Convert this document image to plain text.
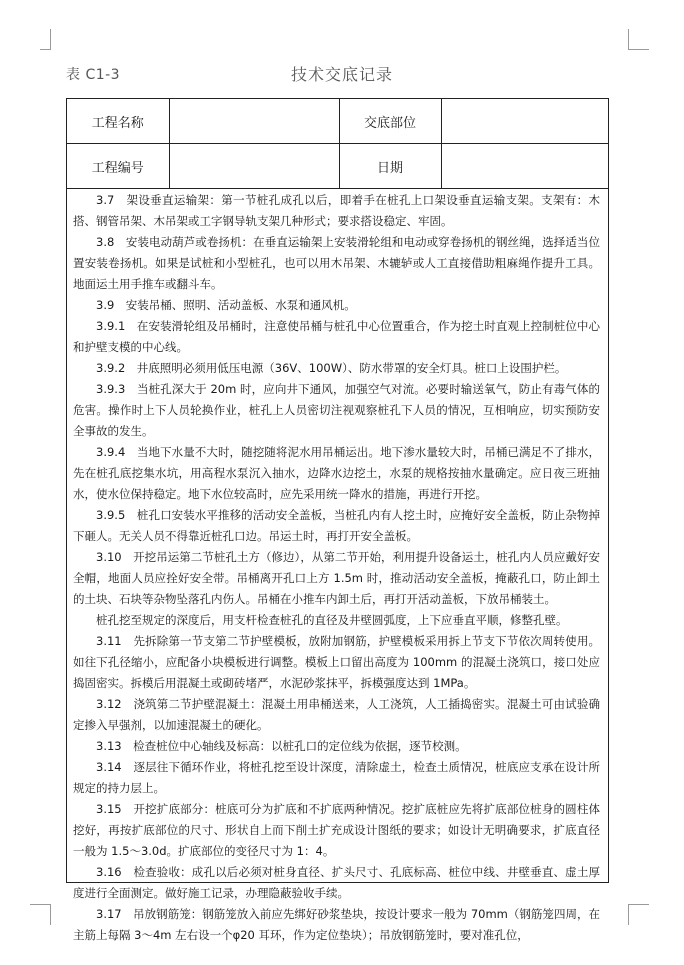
表 C1-3	技术交底记录
工程名称		交底部位	
工程编号		日期	

3.7　架设垂直运输架：第一节桩孔成孔以后，即着手在桩孔上口架设垂直运输支架。支架有：木搭、钢管吊架、木吊架或工字钢导轨支架几种形式；要求搭设稳定、牢固。

3.8　安装电动葫芦或卷扬机：在垂直运输架上安装滑轮组和电动或穿卷扬机的钢丝绳，选择适当位置安装卷扬机。如果是试桩和小型桩孔，也可以用木吊架、木辘轳或人工直接借助粗麻绳作提升工具。地面运土用手推车或翻斗车。

3.9　安装吊桶、照明、活动盖板、水泵和通风机。

3.9.1　在安装滑轮组及吊桶时，注意使吊桶与桩孔中心位置重合，作为挖土时直观上控制桩位中心和护壁支模的中心线。

3.9.2　井底照明必须用低压电源（36V、100W）、防水带罩的安全灯具。桩口上设围护栏。

3.9.3　当桩孔深大于 20m 时，应向井下通风，加强空气对流。必要时输送氧气，防止有毒气体的危害。操作时上下人员轮换作业，桩孔上人员密切注视观察桩孔下人员的情况，互相响应，切实预防安全事故的发生。

3.9.4　当地下水量不大时，随挖随将泥水用吊桶运出。地下渗水量较大时，吊桶已满足不了排水，先在桩孔底挖集水坑，用高程水泵沉入抽水，边降水边挖土，水泵的规格按抽水量确定。应日夜三班抽水，使水位保持稳定。地下水位较高时，应先采用统一降水的措施，再进行开挖。

3.9.5　桩孔口安装水平推移的活动安全盖板，当桩孔内有人挖土时，应掩好安全盖板，防止杂物掉下砸人。无关人员不得靠近桩孔口边。吊运土时，再打开安全盖板。

3.10　开挖吊运第二节桩孔土方（修边），从第二节开始，利用提升设备运土，桩孔内人员应戴好安全帽，地面人员应拴好安全带。吊桶离开孔口上方 1.5m 时，推动活动安全盖板，掩蔽孔口，防止卸土的土块、石块等杂物坠落孔内伤人。吊桶在小推车内卸土后，再打开活动盖板，下放吊桶装土。

桩孔挖至规定的深度后，用支杆检查桩孔的直径及井壁圆弧度，上下应垂直平顺，修整孔壁。

3.11　先拆除第一节支第二节护壁模板，放附加钢筋，护壁模板采用拆上节支下节依次周转使用。如往下孔径缩小，应配备小块模板进行调整。模板上口留出高度为 100mm 的混凝土浇筑口，接口处应捣固密实。拆模后用混凝土或砌砖堵严，水泥砂浆抹平，拆模强度达到 1MPa。

3.12　浇筑第二节护壁混凝土：混凝土用串桶送来，人工浇筑，人工插捣密实。混凝土可由试验确定掺入早强剂，以加速混凝土的硬化。

3.13　检查桩位中心轴线及标高：以桩孔口的定位线为依据，逐节校测。

3.14　逐层往下循环作业，将桩孔挖至设计深度，清除虚土，检查土质情况，桩底应支承在设计所规定的持力层上。

3.15　开挖扩底部分：桩底可分为扩底和不扩底两种情况。挖扩底桩应先将扩底部位桩身的圆柱体挖好，再按扩底部位的尺寸、形状自上而下削土扩充成设计图纸的要求；如设计无明确要求，扩底直径一般为 1.5～3.0d。扩底部位的变径尺寸为 1：4。

3.16　检查验收：成孔以后必须对桩身直径、扩头尺寸、孔底标高、桩位中线、井壁垂直、虚土厚度进行全面测定。做好施工记录，办理隐蔽验收手续。

3.17　吊放钢筋笼：钢筋笼放入前应先绑好砂浆垫块，按设计要求一般为 70mm（钢筋笼四周，在主筋上每隔 3～4m 左右设一个φ20 耳环，作为定位垫块）；吊放钢筋笼时，要对准孔位，
